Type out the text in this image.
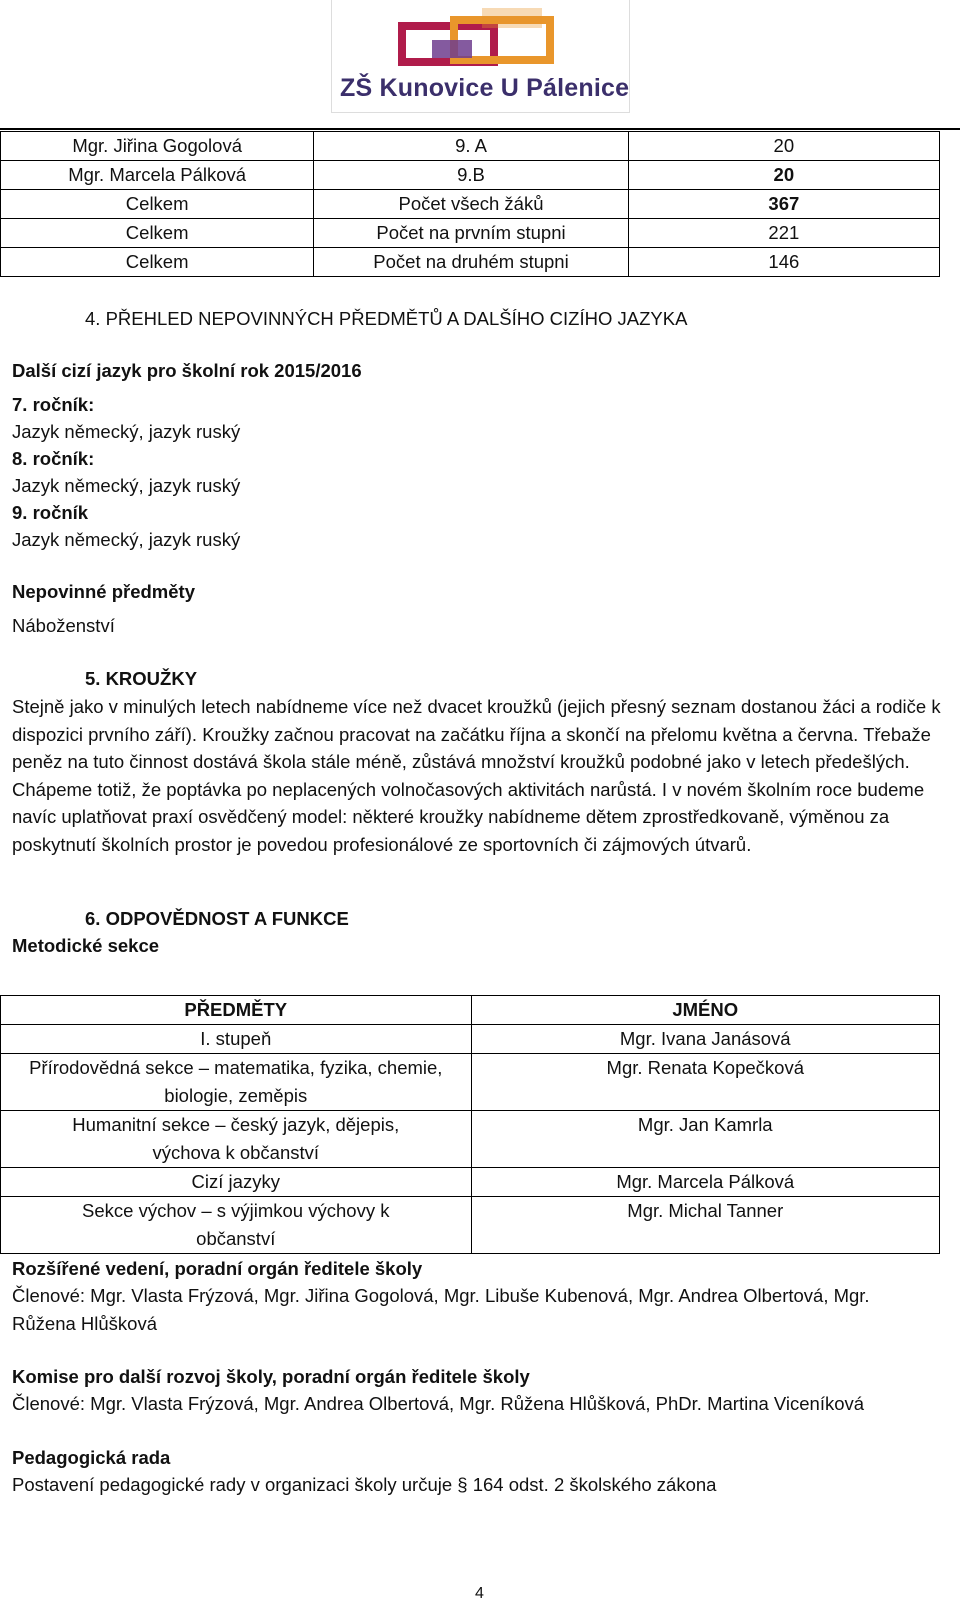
ZŠ Kunovice U Pálenice
Mgr. Jiřina Gogolová	9. A	20
Mgr. Marcela Pálková	9.B	20
Celkem	Počet všech žáků	367
Celkem	Počet na prvním stupni	221
Celkem	Počet na druhém stupni	146
4. PŘEHLED NEPOVINNÝCH PŘEDMĚTŮ A DALŠÍHO CIZÍHO JAZYKA
Další cizí jazyk pro školní rok 2015/2016
7. ročník:
Jazyk německý, jazyk ruský
8. ročník:
Jazyk německý, jazyk ruský
9. ročník
Jazyk německý, jazyk ruský
Nepovinné předměty
Náboženství
5. KROUŽKY
Stejně jako v minulých letech nabídneme více než dvacet kroužků (jejich přesný seznam dostanou žáci a rodiče k dispozici prvního září). Kroužky začnou pracovat na začátku října a skončí na přelomu května a června. Třebaže peněz na tuto činnost dostává škola stále méně, zůstává množství kroužků podobné jako v letech předešlých. Chápeme totiž, že poptávka po neplacených volnočasových aktivitách narůstá. I v novém školním roce budeme navíc uplatňovat praxí osvědčený model: některé kroužky nabídneme dětem zprostředkovaně, výměnou za poskytnutí školních prostor je povedou profesionálové ze sportovních či zájmových útvarů.
6. ODPOVĚDNOST A FUNKCE
Metodické sekce
PŘEDMĚTY	JMÉNO
I. stupeň	Mgr. Ivana Janásová
Přírodovědná sekce – matematika, fyzika, chemie, biologie, zeměpis	Mgr. Renata Kopečková
Humanitní sekce – český jazyk, dějepis, výchova k občanství	Mgr. Jan Kamrla
Cizí jazyky	Mgr. Marcela Pálková
Sekce výchov – s výjimkou výchovy k občanství	Mgr. Michal Tanner
Rozšířené vedení, poradní orgán ředitele školy
Členové: Mgr. Vlasta Frýzová, Mgr. Jiřina Gogolová, Mgr. Libuše Kubenová, Mgr. Andrea Olbertová, Mgr. Růžena Hlůšková
Komise pro další rozvoj školy, poradní orgán ředitele školy
Členové: Mgr. Vlasta Frýzová, Mgr. Andrea Olbertová, Mgr. Růžena Hlůšková, PhDr. Martina Viceníková
Pedagogická rada
Postavení pedagogické rady v organizaci školy určuje § 164 odst. 2 školského zákona
4
